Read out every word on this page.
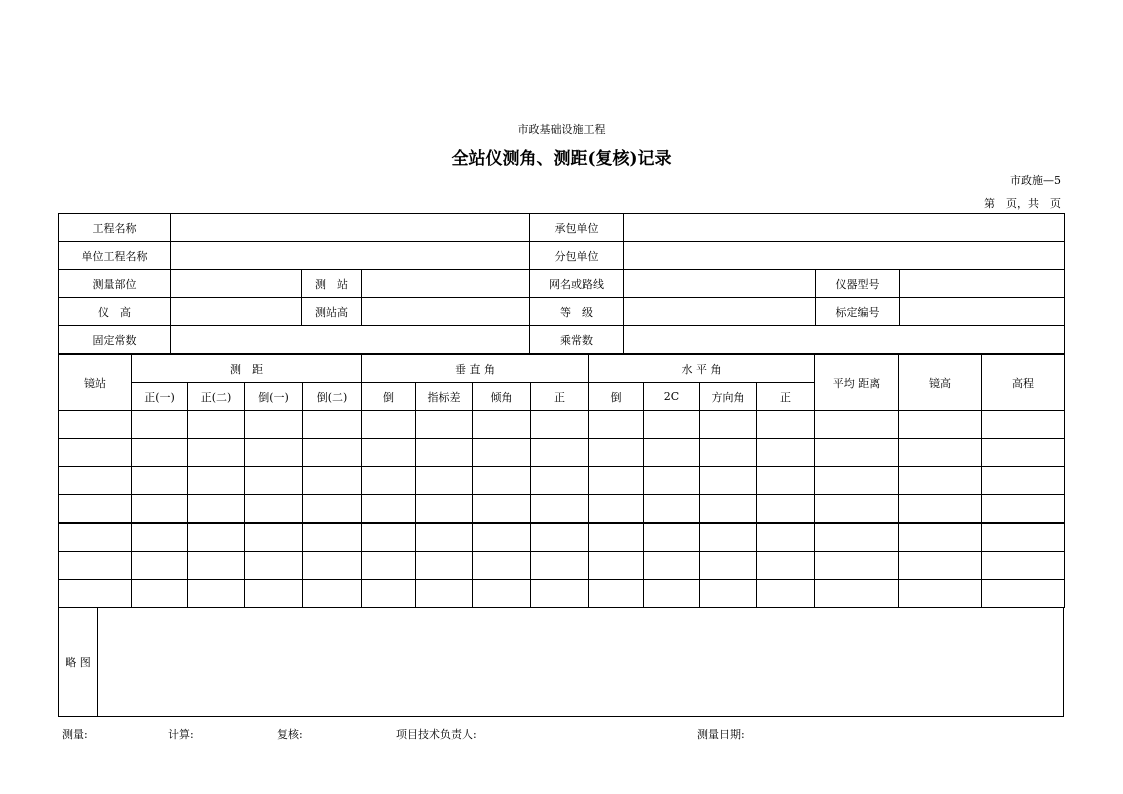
市政基础设施工程
全站仪测角、测距(复核)记录
市政施—5
第　页，共　页
工程名称				承包单位			
单位工程名称				分包单位			
测量部位		测　站		网名或路线		仪器型号	
仪　高		测站高		等　级		标定编号	
固定常数				乘常数			
镜站	测　距				垂 直 角				水 平 角				平均 距离	镜高	高程
	正(一)	正(二)	倒(一)	倒(二)	倒	指标差	倾角	正	倒	2C	方向角	正			

略 图
测量:	计算:	复核:	项目技术负责人:	测量日期:
